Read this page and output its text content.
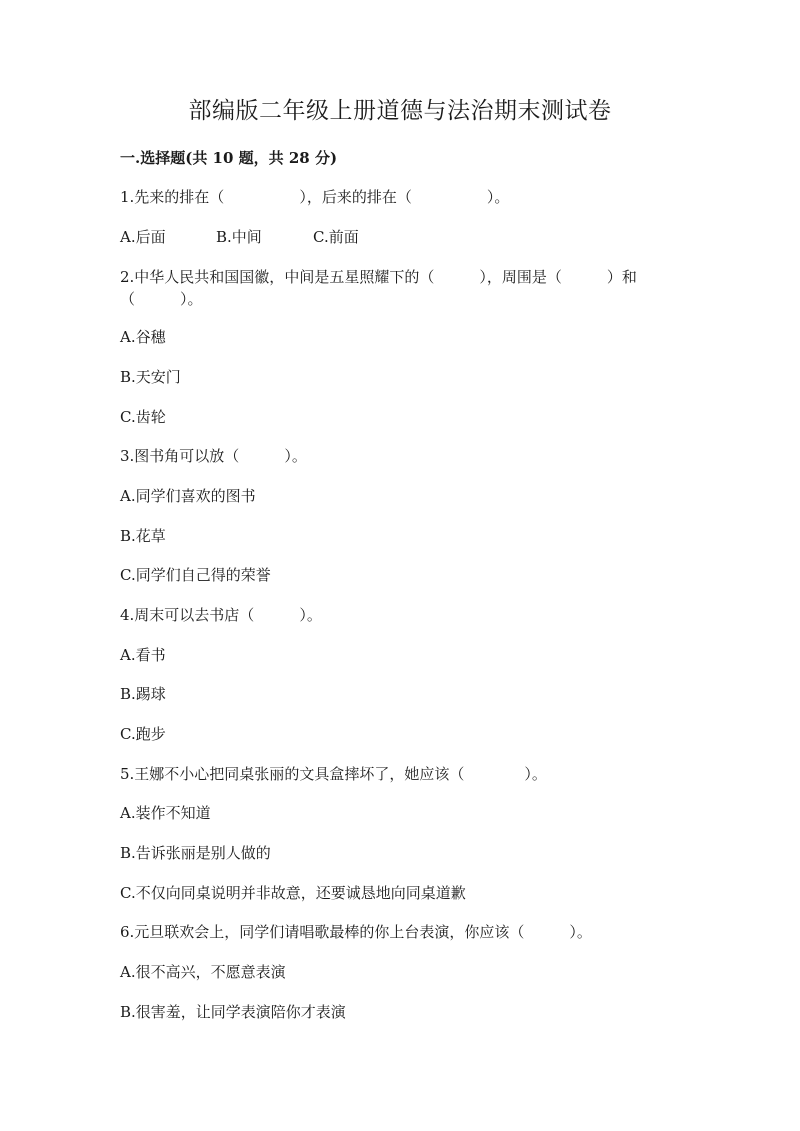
部编版二年级上册道德与法治期末测试卷
一.选择题(共 10 题，共 28 分)
1.先来的排在（　　　　　），后来的排在（　　　　　）。

A.后面

	B.中间

	C.前面

2.中华人民共和国国徽，中间是五星照耀下的（　　　），周围是（　　　）和
（　　　）。
A.谷穗
B.天安门
C.齿轮
3.图书角可以放（　　　）。
A.同学们喜欢的图书
B.花草
C.同学们自己得的荣誉
4.周末可以去书店（　　　）。
A.看书
B.踢球
C.跑步
5.王娜不小心把同桌张丽的文具盒摔坏了，她应该（　　　　）。
A.装作不知道
B.告诉张丽是别人做的
C.不仅向同桌说明并非故意，还要诚恳地向同桌道歉
6.元旦联欢会上，同学们请唱歌最棒的你上台表演，你应该（　　　）。
A.很不高兴，不愿意表演
B.很害羞，让同学表演陪你才表演
